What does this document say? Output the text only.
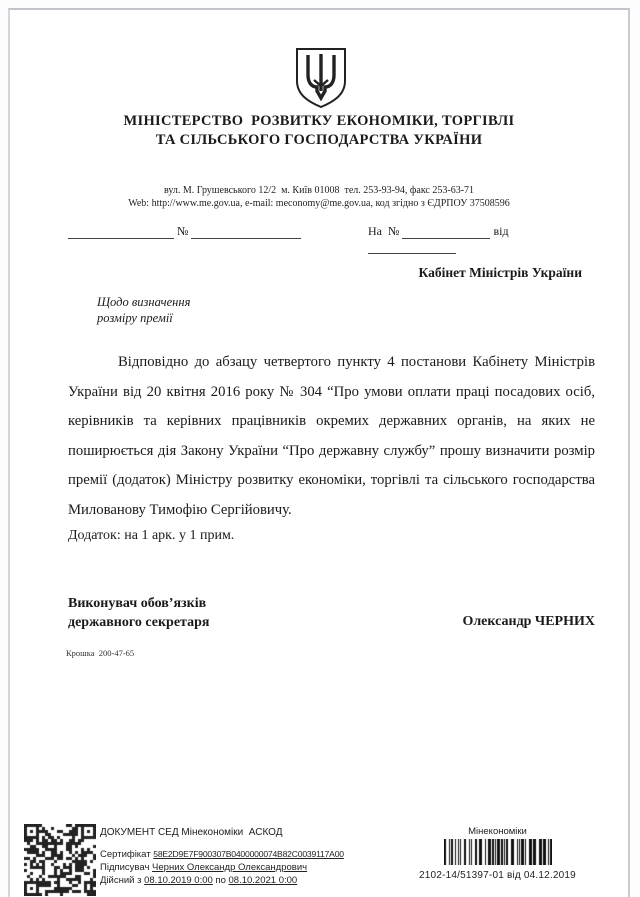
МІНІСТЕРСТВО  РОЗВИТКУ ЕКОНОМІКИ, ТОРГІВЛІ
ТА СІЛЬСЬКОГО ГОСПОДАРСТВА УКРАЇНИ
вул. М. Грушевського 12/2  м. Київ 01008  тел. 253-93-94, факс 253-63-71
Web: http://www.me.gov.ua, e-mail: meconomy@me.gov.ua, код згідно з ЄДРПОУ 37508596
№	На  №	від
Кабінет Міністрів України
Щодо визначення
розміру премії
Відповідно до абзацу четвертого пункту 4 постанови Кабінету Міністрів України від 20 квітня 2016 року № 304 “Про умови оплати праці посадових осіб, керівників та керівних працівників окремих державних органів, на яких не поширюється дія Закону України “Про державну службу” прошу визначити розмір премії (додаток) Міністру розвитку економіки, торгівлі та сільського господарства Милованову Тимофію Сергійовичу.
Додаток: на 1 арк. у 1 прим.
Виконувач обов’язків
державного секретаря	Олександр ЧЕРНИХ
Крошка  200-47-65
ДОКУМЕНТ СЕД Мінекономіки  АСКОД
Сертифікат 58E2D9E7F900307B0400000074B82C0039117A00
Підписувач Черних Олександр Олександрович
Дійсний з 08.10.2019 0:00 по 08.10.2021 0:00
Мінекономіки
2102-14/51397-01 від 04.12.2019
